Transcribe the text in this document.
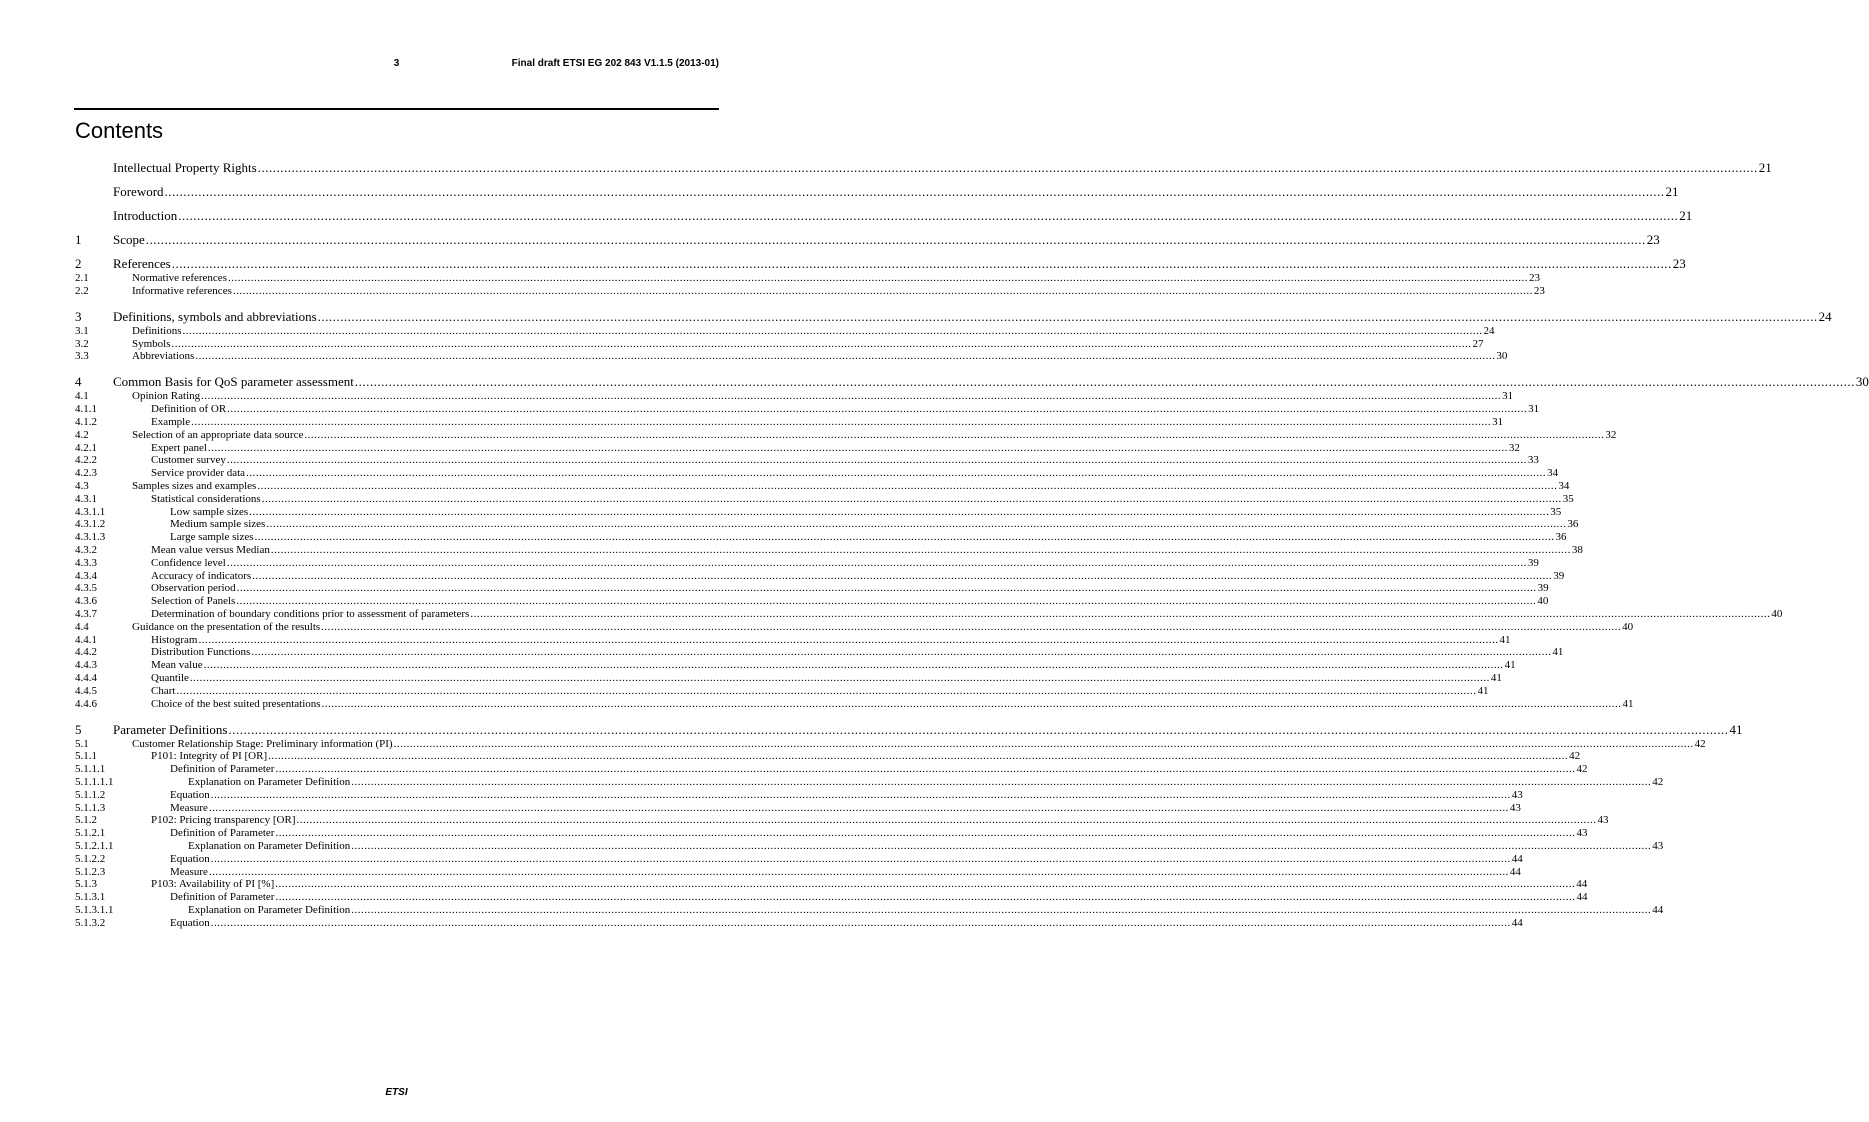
3	Final draft ETSI EG 202 843 V1.1.5 (2013-01)
Contents
Intellectual Property Rights ................................................................................................................................................................................................................................................................................................................................................................................................................ 21
Foreword ................................................................................................................................................................................................................................................................................................................................................................................................................ 21
Introduction ................................................................................................................................................................................................................................................................................................................................................................................................................ 21
1	Scope ................................................................................................................................................................................................................................................................................................................................................................................................................ 23
2	References ................................................................................................................................................................................................................................................................................................................................................................................................................ 23
2.1	Normative references ................................................................................................................................................................................................................................................................................................................................................................................................................ 23
2.2	Informative references ................................................................................................................................................................................................................................................................................................................................................................................................................ 23
3	Definitions, symbols and abbreviations ................................................................................................................................................................................................................................................................................................................................................................................................................ 24
3.1	Definitions ................................................................................................................................................................................................................................................................................................................................................................................................................ 24
3.2	Symbols ................................................................................................................................................................................................................................................................................................................................................................................................................ 27
3.3	Abbreviations ................................................................................................................................................................................................................................................................................................................................................................................................................ 30
4	Common Basis for QoS parameter assessment ................................................................................................................................................................................................................................................................................................................................................................................................................ 30
4.1	Opinion Rating ................................................................................................................................................................................................................................................................................................................................................................................................................ 31
4.1.1	Definition of OR ................................................................................................................................................................................................................................................................................................................................................................................................................ 31
4.1.2	Example ................................................................................................................................................................................................................................................................................................................................................................................................................ 31
4.2	Selection of an appropriate data source ................................................................................................................................................................................................................................................................................................................................................................................................................ 32
4.2.1	Expert panel ................................................................................................................................................................................................................................................................................................................................................................................................................ 32
4.2.2	Customer survey ................................................................................................................................................................................................................................................................................................................................................................................................................ 33
4.2.3	Service provider data ................................................................................................................................................................................................................................................................................................................................................................................................................ 34
4.3	Samples sizes and examples ................................................................................................................................................................................................................................................................................................................................................................................................................ 34
4.3.1	Statistical considerations ................................................................................................................................................................................................................................................................................................................................................................................................................ 35
4.3.1.1	Low sample sizes ................................................................................................................................................................................................................................................................................................................................................................................................................ 35
4.3.1.2	Medium sample sizes ................................................................................................................................................................................................................................................................................................................................................................................................................ 36
4.3.1.3	Large sample sizes ................................................................................................................................................................................................................................................................................................................................................................................................................ 36
4.3.2	Mean value versus Median ................................................................................................................................................................................................................................................................................................................................................................................................................ 38
4.3.3	Confidence level ................................................................................................................................................................................................................................................................................................................................................................................................................ 39
4.3.4	Accuracy of indicators ................................................................................................................................................................................................................................................................................................................................................................................................................ 39
4.3.5	Observation period ................................................................................................................................................................................................................................................................................................................................................................................................................ 39
4.3.6	Selection of Panels ................................................................................................................................................................................................................................................................................................................................................................................................................ 40
4.3.7	Determination of boundary conditions prior to assessment of parameters ................................................................................................................................................................................................................................................................................................................................................................................................................ 40
4.4	Guidance on the presentation of the results ................................................................................................................................................................................................................................................................................................................................................................................................................ 40
4.4.1	Histogram ................................................................................................................................................................................................................................................................................................................................................................................................................ 41
4.4.2	Distribution Functions ................................................................................................................................................................................................................................................................................................................................................................................................................ 41
4.4.3	Mean value ................................................................................................................................................................................................................................................................................................................................................................................................................ 41
4.4.4	Quantile ................................................................................................................................................................................................................................................................................................................................................................................................................ 41
4.4.5	Chart ................................................................................................................................................................................................................................................................................................................................................................................................................ 41
4.4.6	Choice of the best suited presentations ................................................................................................................................................................................................................................................................................................................................................................................................................ 41
5	Parameter Definitions ................................................................................................................................................................................................................................................................................................................................................................................................................ 41
5.1	Customer Relationship Stage: Preliminary information (PI) ................................................................................................................................................................................................................................................................................................................................................................................................................ 42
5.1.1	P101: Integrity of PI [OR] ................................................................................................................................................................................................................................................................................................................................................................................................................ 42
5.1.1.1	Definition of Parameter ................................................................................................................................................................................................................................................................................................................................................................................................................ 42
5.1.1.1.1	Explanation on Parameter Definition ................................................................................................................................................................................................................................................................................................................................................................................................................ 42
5.1.1.2	Equation ................................................................................................................................................................................................................................................................................................................................................................................................................ 43
5.1.1.3	Measure ................................................................................................................................................................................................................................................................................................................................................................................................................ 43
5.1.2	P102: Pricing transparency [OR] ................................................................................................................................................................................................................................................................................................................................................................................................................ 43
5.1.2.1	Definition of Parameter ................................................................................................................................................................................................................................................................................................................................................................................................................ 43
5.1.2.1.1	Explanation on Parameter Definition ................................................................................................................................................................................................................................................................................................................................................................................................................ 43
5.1.2.2	Equation ................................................................................................................................................................................................................................................................................................................................................................................................................ 44
5.1.2.3	Measure ................................................................................................................................................................................................................................................................................................................................................................................................................ 44
5.1.3	P103: Availability of PI [%] ................................................................................................................................................................................................................................................................................................................................................................................................................ 44
5.1.3.1	Definition of Parameter ................................................................................................................................................................................................................................................................................................................................................................................................................ 44
5.1.3.1.1	Explanation on Parameter Definition ................................................................................................................................................................................................................................................................................................................................................................................................................ 44
5.1.3.2	Equation ................................................................................................................................................................................................................................................................................................................................................................................................................ 44
ETSI
